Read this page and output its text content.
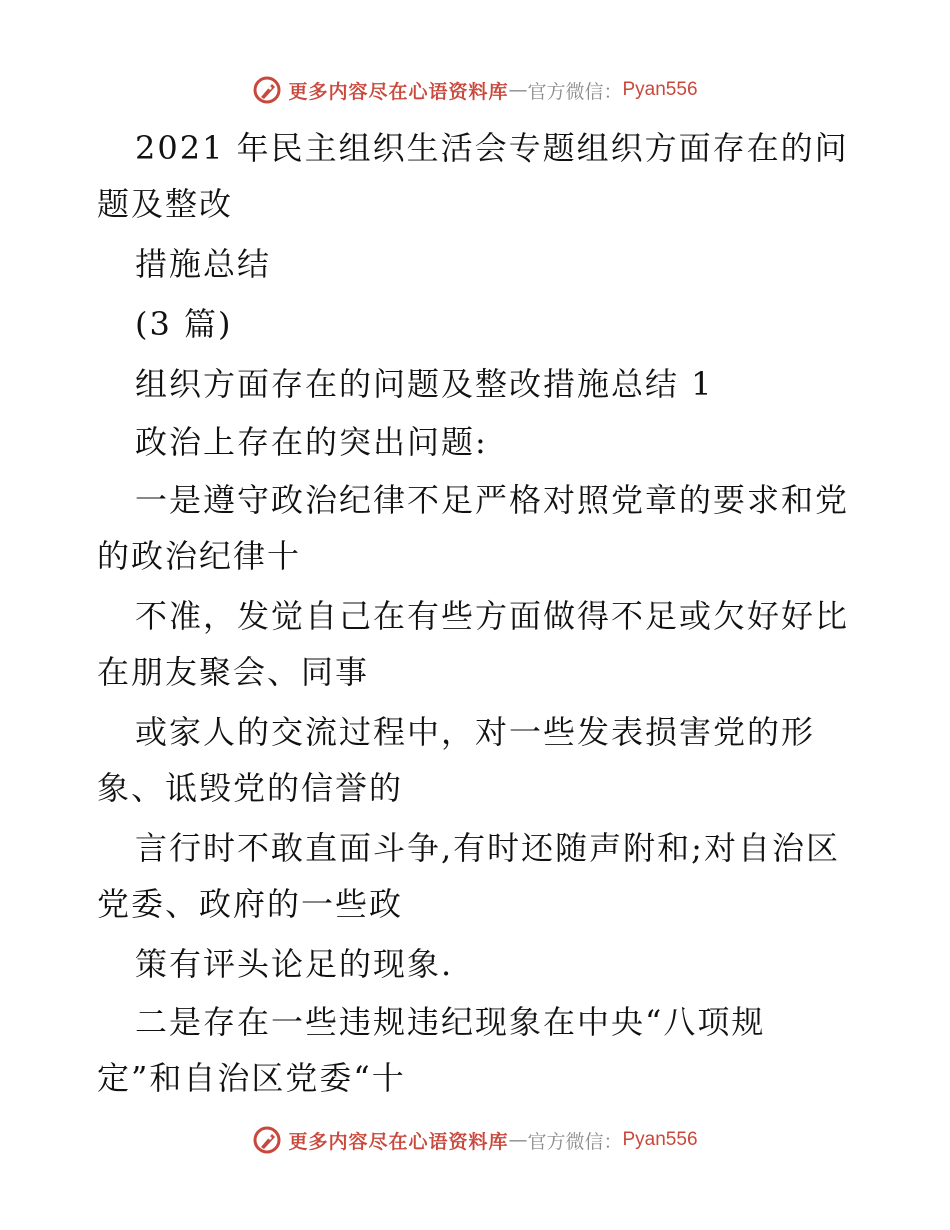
更多内容尽在心语资料库 — 官方微信： Pyan556
2021 年民主组织生活会专题组织方面存在的问
题及整改
措施总结
(3 篇)
组织方面存在的问题及整改措施总结 1
政治上存在的突出问题:
一是遵守政治纪律不足严格对照党章的要求和党
的政治纪律十
不准，发觉自己在有些方面做得不足或欠好好比
在朋友聚会、同事
或家人的交流过程中，对一些发表损害党的形
象、诋毁党的信誉的
言行时不敢直面斗争,有时还随声附和;对自治区
党委、政府的一些政
策有评头论足的现象.
二是存在一些违规违纪现象在中央“八项规
定”和自治区党委“十
更多内容尽在心语资料库 — 官方微信： Pyan556
